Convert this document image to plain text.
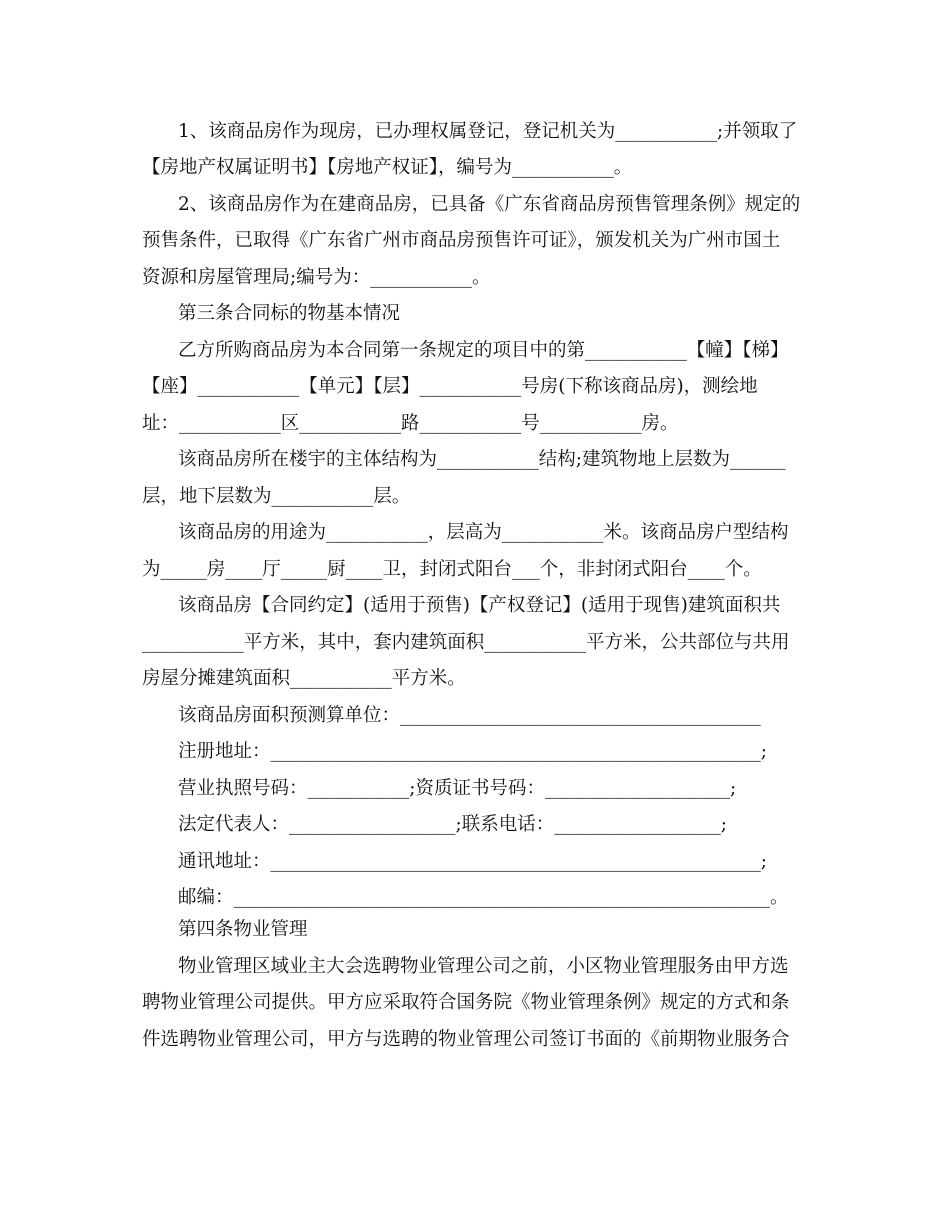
1、该商品房作为现房，已办理权属登记，登记机关为___________;并领取了
【房地产权属证明书】【房地产权证】，编号为___________。
2、该商品房作为在建商品房，已具备《广东省商品房预售管理条例》规定的
预售条件，已取得《广东省广州市商品房预售许可证》，颁发机关为广州市国土
资源和房屋管理局;编号为：___________。
第三条合同标的物基本情况
乙方所购商品房为本合同第一条规定的项目中的第___________【幢】【梯】
【座】___________【单元】【层】___________号房(下称该商品房)，测绘地
址：___________区___________路___________号___________房。
该商品房所在楼宇的主体结构为___________结构;建筑物地上层数为______
层，地下层数为___________层。
该商品房的用途为___________，层高为___________米。该商品房户型结构
为_____房____厅_____厨____卫，封闭式阳台___个，非封闭式阳台____个。
该商品房【合同约定】(适用于预售)【产权登记】(适用于现售)建筑面积共
___________平方米，其中，套内建筑面积___________平方米，公共部位与共用
房屋分摊建筑面积___________平方米。
该商品房面积预测算单位：_______________________________________
注册地址：_____________________________________________________;
营业执照号码：___________;资质证书号码：____________________;
法定代表人：__________________;联系电话：__________________;
通讯地址：_____________________________________________________;
邮编：__________________________________________________________。
第四条物业管理
物业管理区域业主大会选聘物业管理公司之前，小区物业管理服务由甲方选
聘物业管理公司提供。甲方应采取符合国务院《物业管理条例》规定的方式和条
件选聘物业管理公司，甲方与选聘的物业管理公司签订书面的《前期物业服务合
